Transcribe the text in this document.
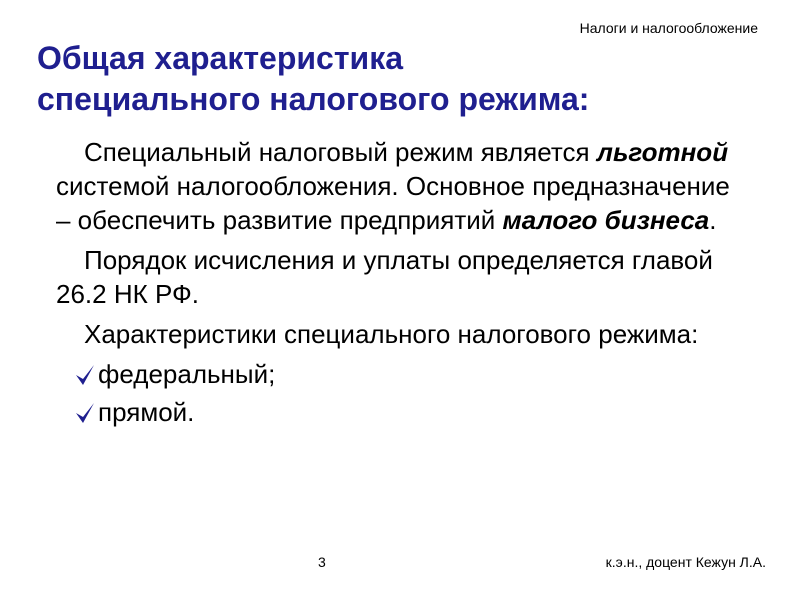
Налоги и налогообложение
Общая характеристика
специального налогового режима:

Специальный налоговый режим является льготной системой налогообложения. Основное предназначение – обеспечить развитие предприятий малого бизнеса.

Порядок исчисления и уплаты определяется главой 26.2 НК РФ.

Характеристики специального налогового режима:

федеральный;
прямой.
3	к.э.н., доцент Кежун Л.А.
